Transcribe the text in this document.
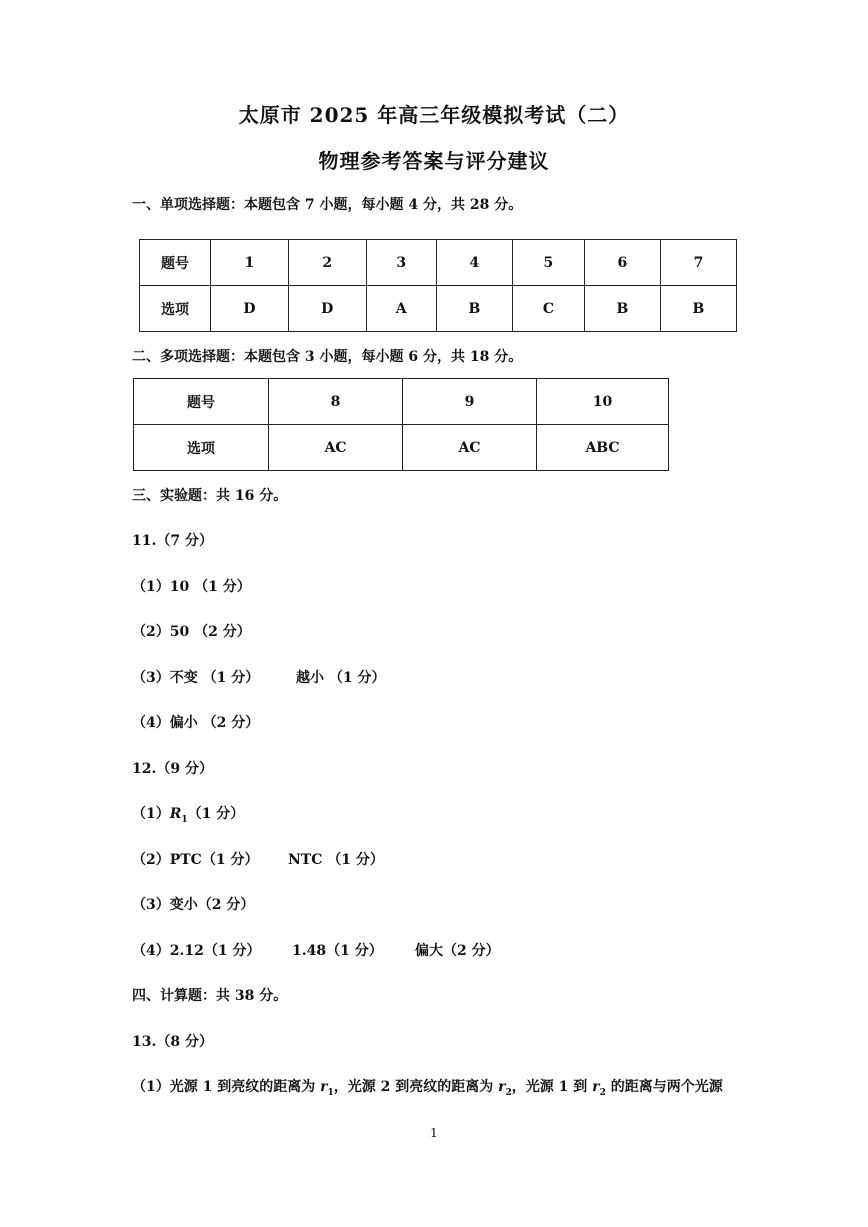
太原市 2025 年高三年级模拟考试（二）
物理参考答案与评分建议
一、单项选择题：本题包含 7 小题，每小题 4 分，共 28 分。
题号	1	2	3	4	5	6	7
选项	D	D	A	B	C	B	B
二、多项选择题：本题包含 3 小题，每小题 6 分，共 18 分。
题号	8	9	10
选项	AC	AC	ABC
三、实验题：共 16 分。
11.（7 分）
（1）10 （1 分）
（2）50 （2 分）
（3）不变 （1 分）	越小 （1 分）
（4）偏小 （2 分）
12.（9 分）
$(1)R_1(1$ 分）
（2）PTC（1 分） NTC （1 分）
（3）变小（2 分）
（4）2.12（1 分） 1.48（1 分） 偏大（2 分）
四、计算题：共 38 分。
13.（8 分）
（1）光源 1 到亮纹的距离为 $r_1$，光源 2 到亮纹的距离为 $r_2$，光源 1 到 $r_2$ 的距离与两个光源
1
